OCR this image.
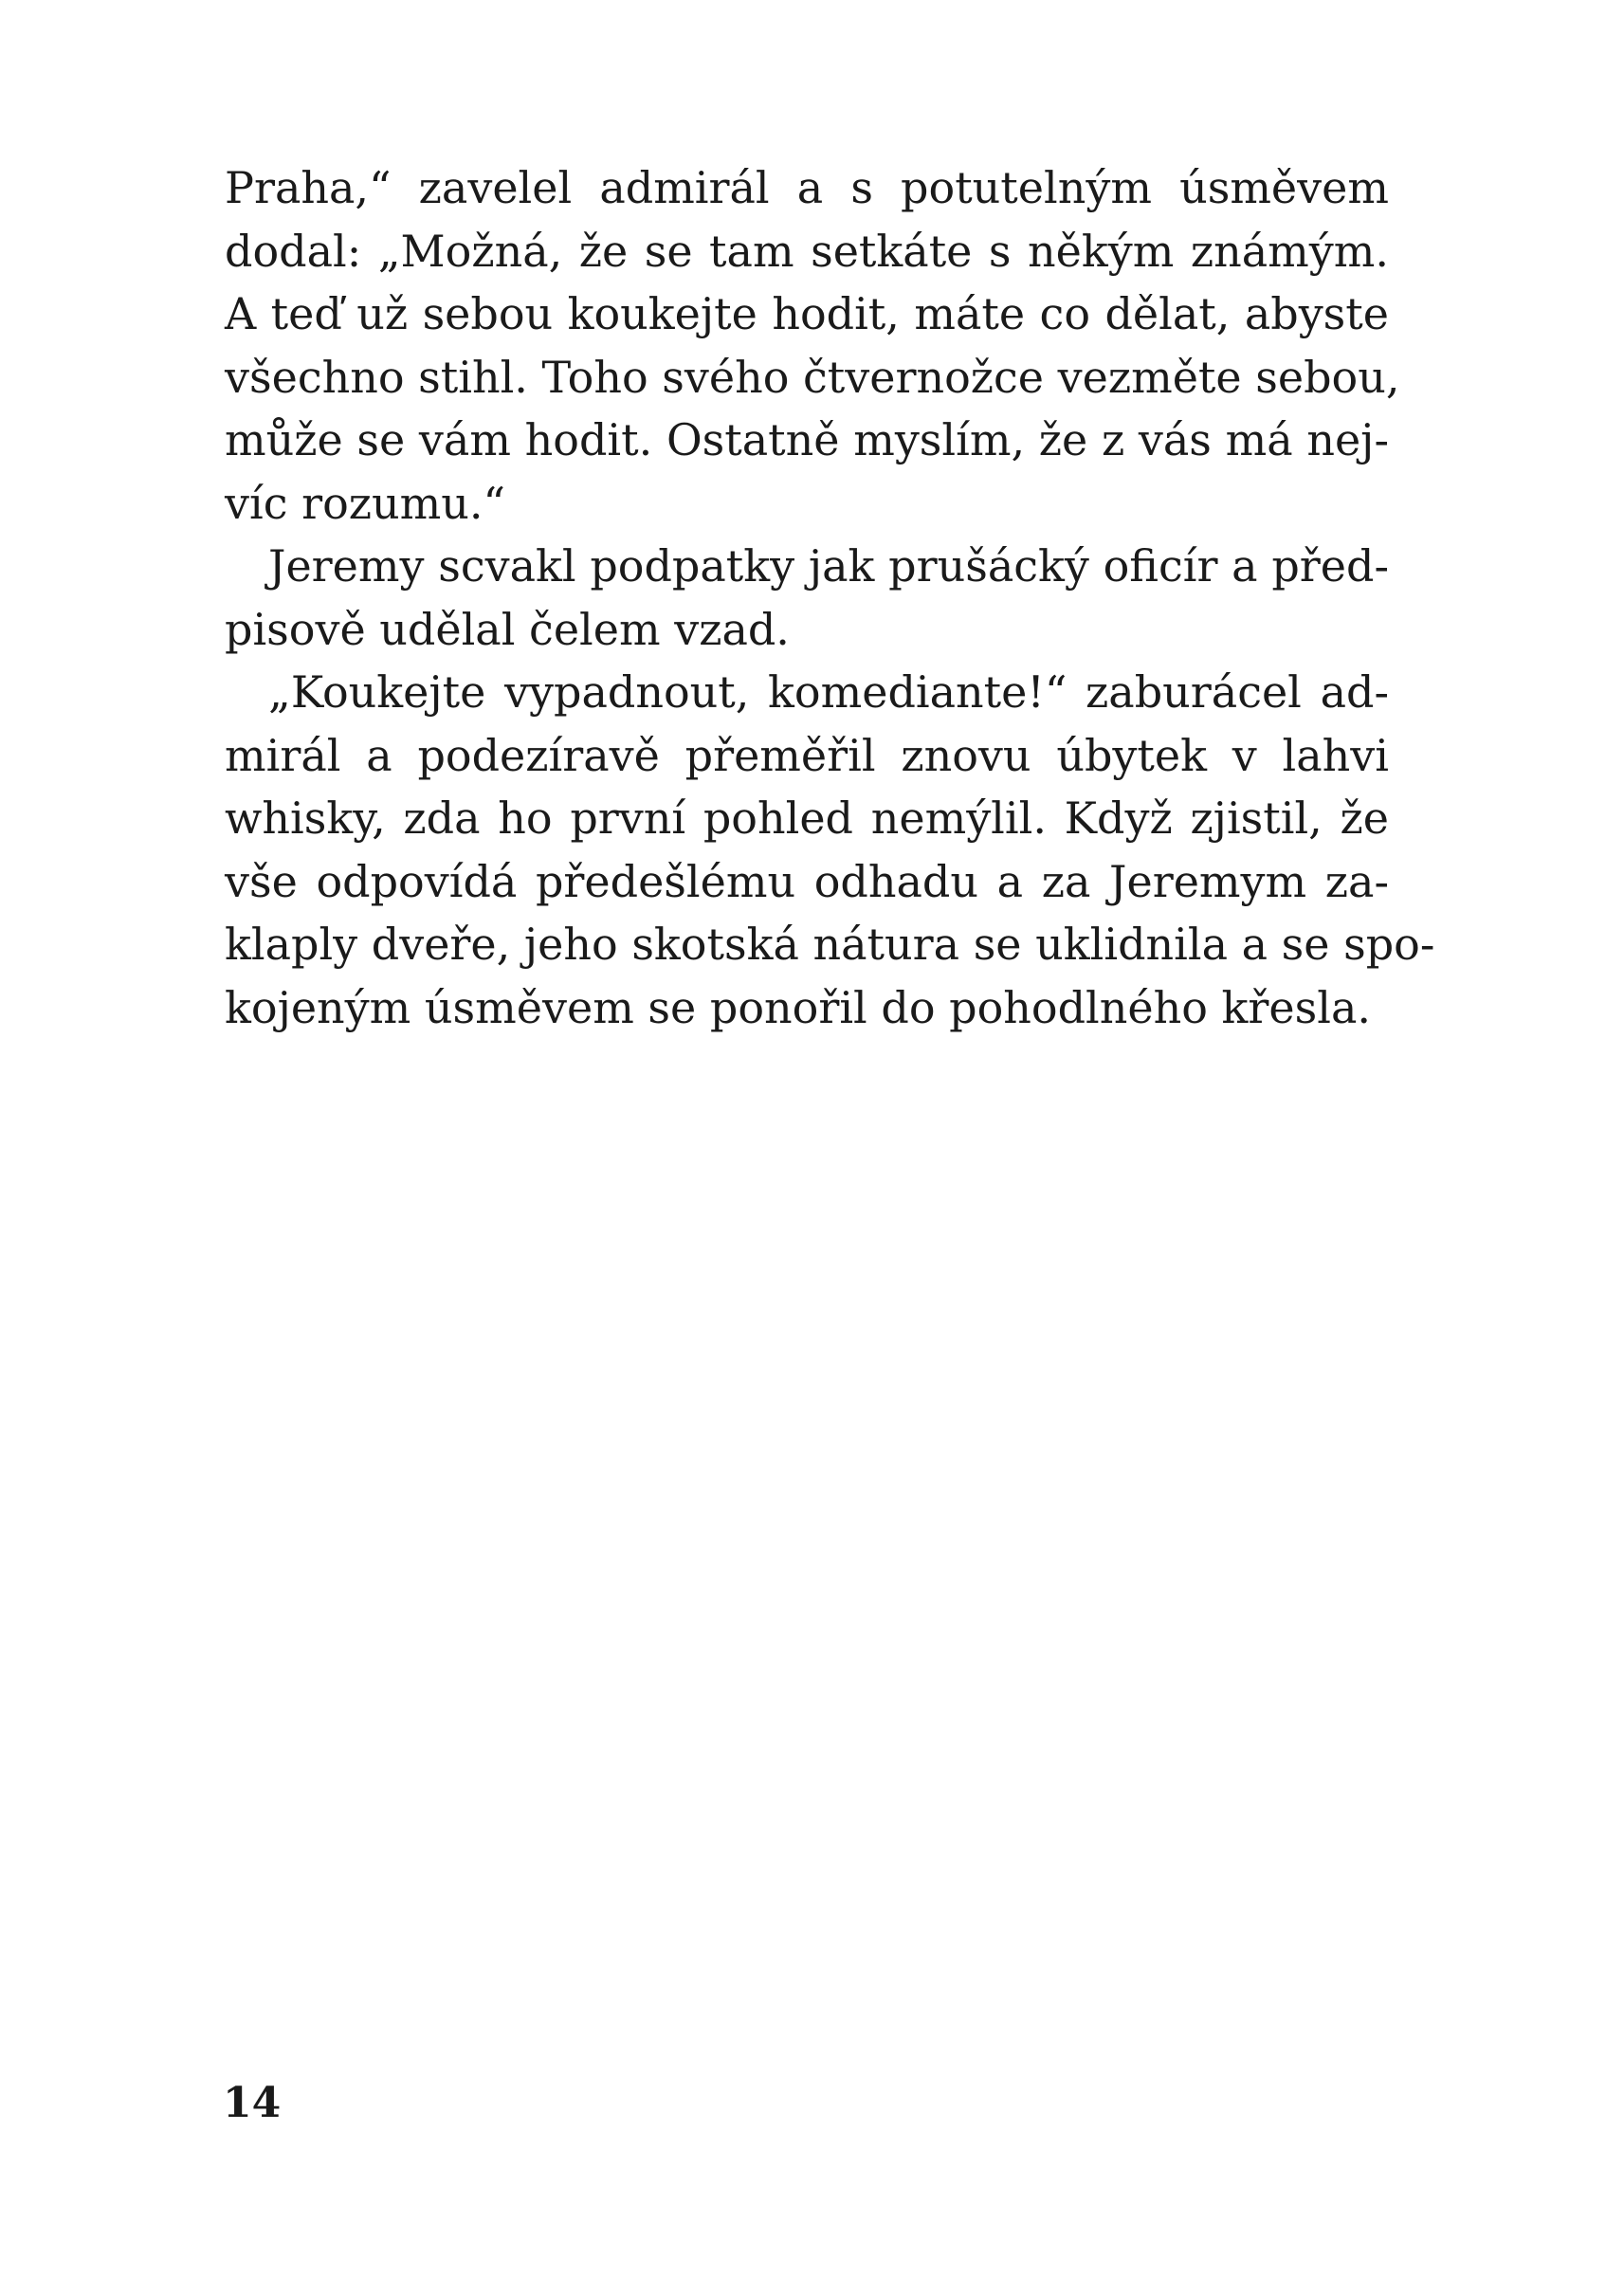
Praha,“ zavelel admirál a s potutelným úsměvem
dodal: „Možná, že se tam setkáte s někým známým.
A teď už sebou koukejte hodit, máte co dělat, abyste
všechno stihl. Toho svého čtvernožce vezměte sebou,
může se vám hodit. Ostatně myslím, že z vás má nej-
víc rozumu.“

Jeremy scvakl podpatky jak prušácký oficír a před-
pisově udělal čelem vzad.

„Koukejte vypadnout, komediante!“ zaburácel ad-
mirál a podezíravě přeměřil znovu úbytek v lahvi
whisky, zda ho první pohled nemýlil. Když zjistil, že
vše odpovídá předešlému odhadu a za Jeremym za-
klaply dveře, jeho skotská nátura se uklidnila a se spo-
kojeným úsměvem se ponořil do pohodlného křesla.

14
